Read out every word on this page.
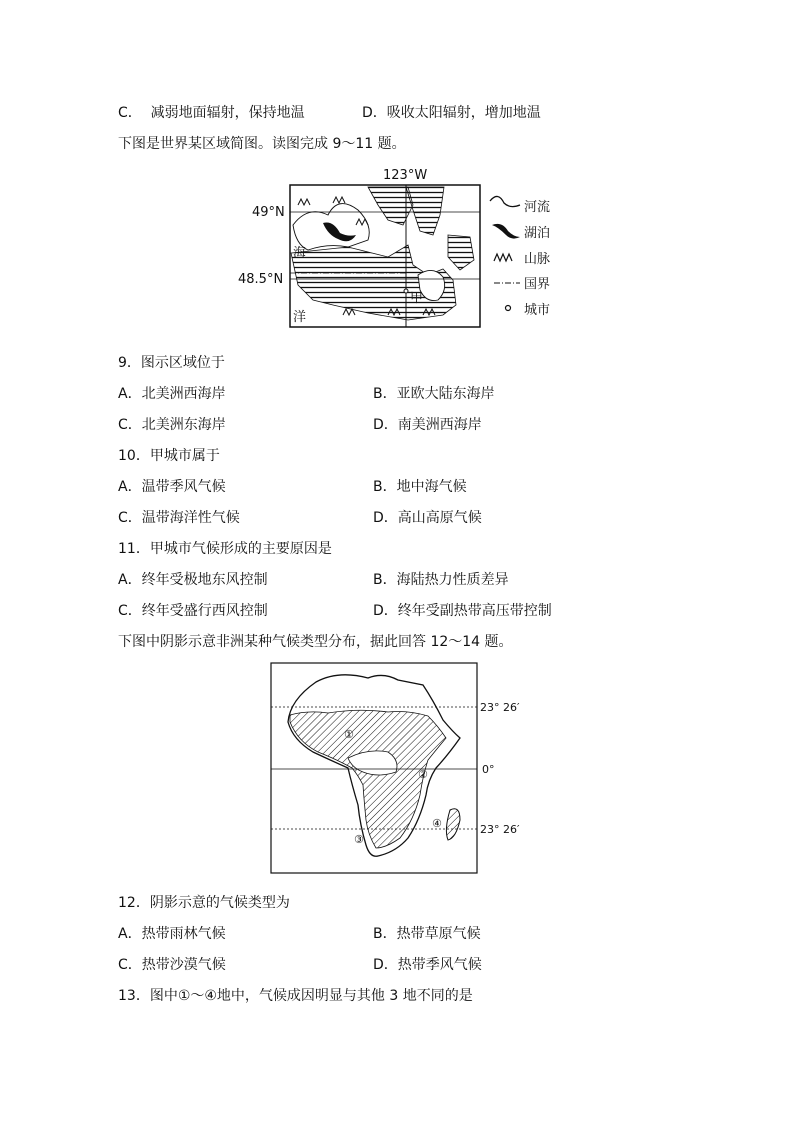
C．  减弱地面辐射，保持地温	D．吸收太阳辐射，增加地温
下图是世界某区域简图。读图完成 9～11 题。
123°W
49°N
48.5°N
海
洋
甲
河流
湖泊
山脉
国界
城市
9．图示区域位于
A．北美洲西海岸	B．亚欧大陆东海岸
C．北美洲东海岸	D．南美洲西海岸
10．甲城市属于
A．温带季风气候	B．地中海气候
C．温带海洋性气候	D．高山高原气候
11．甲城市气候形成的主要原因是
A．终年受极地东风控制	B．海陆热力性质差异
C．终年受盛行西风控制	D．终年受副热带高压带控制
下图中阴影示意非洲某种气候类型分布，据此回答 12～14 题。
①
②
③
④
23° 26′
0°
23° 26′
12．阴影示意的气候类型为
A．热带雨林气候	B．热带草原气候
C．热带沙漠气候	D．热带季风气候
13．图中①～④地中，气候成因明显与其他 3 地不同的是
